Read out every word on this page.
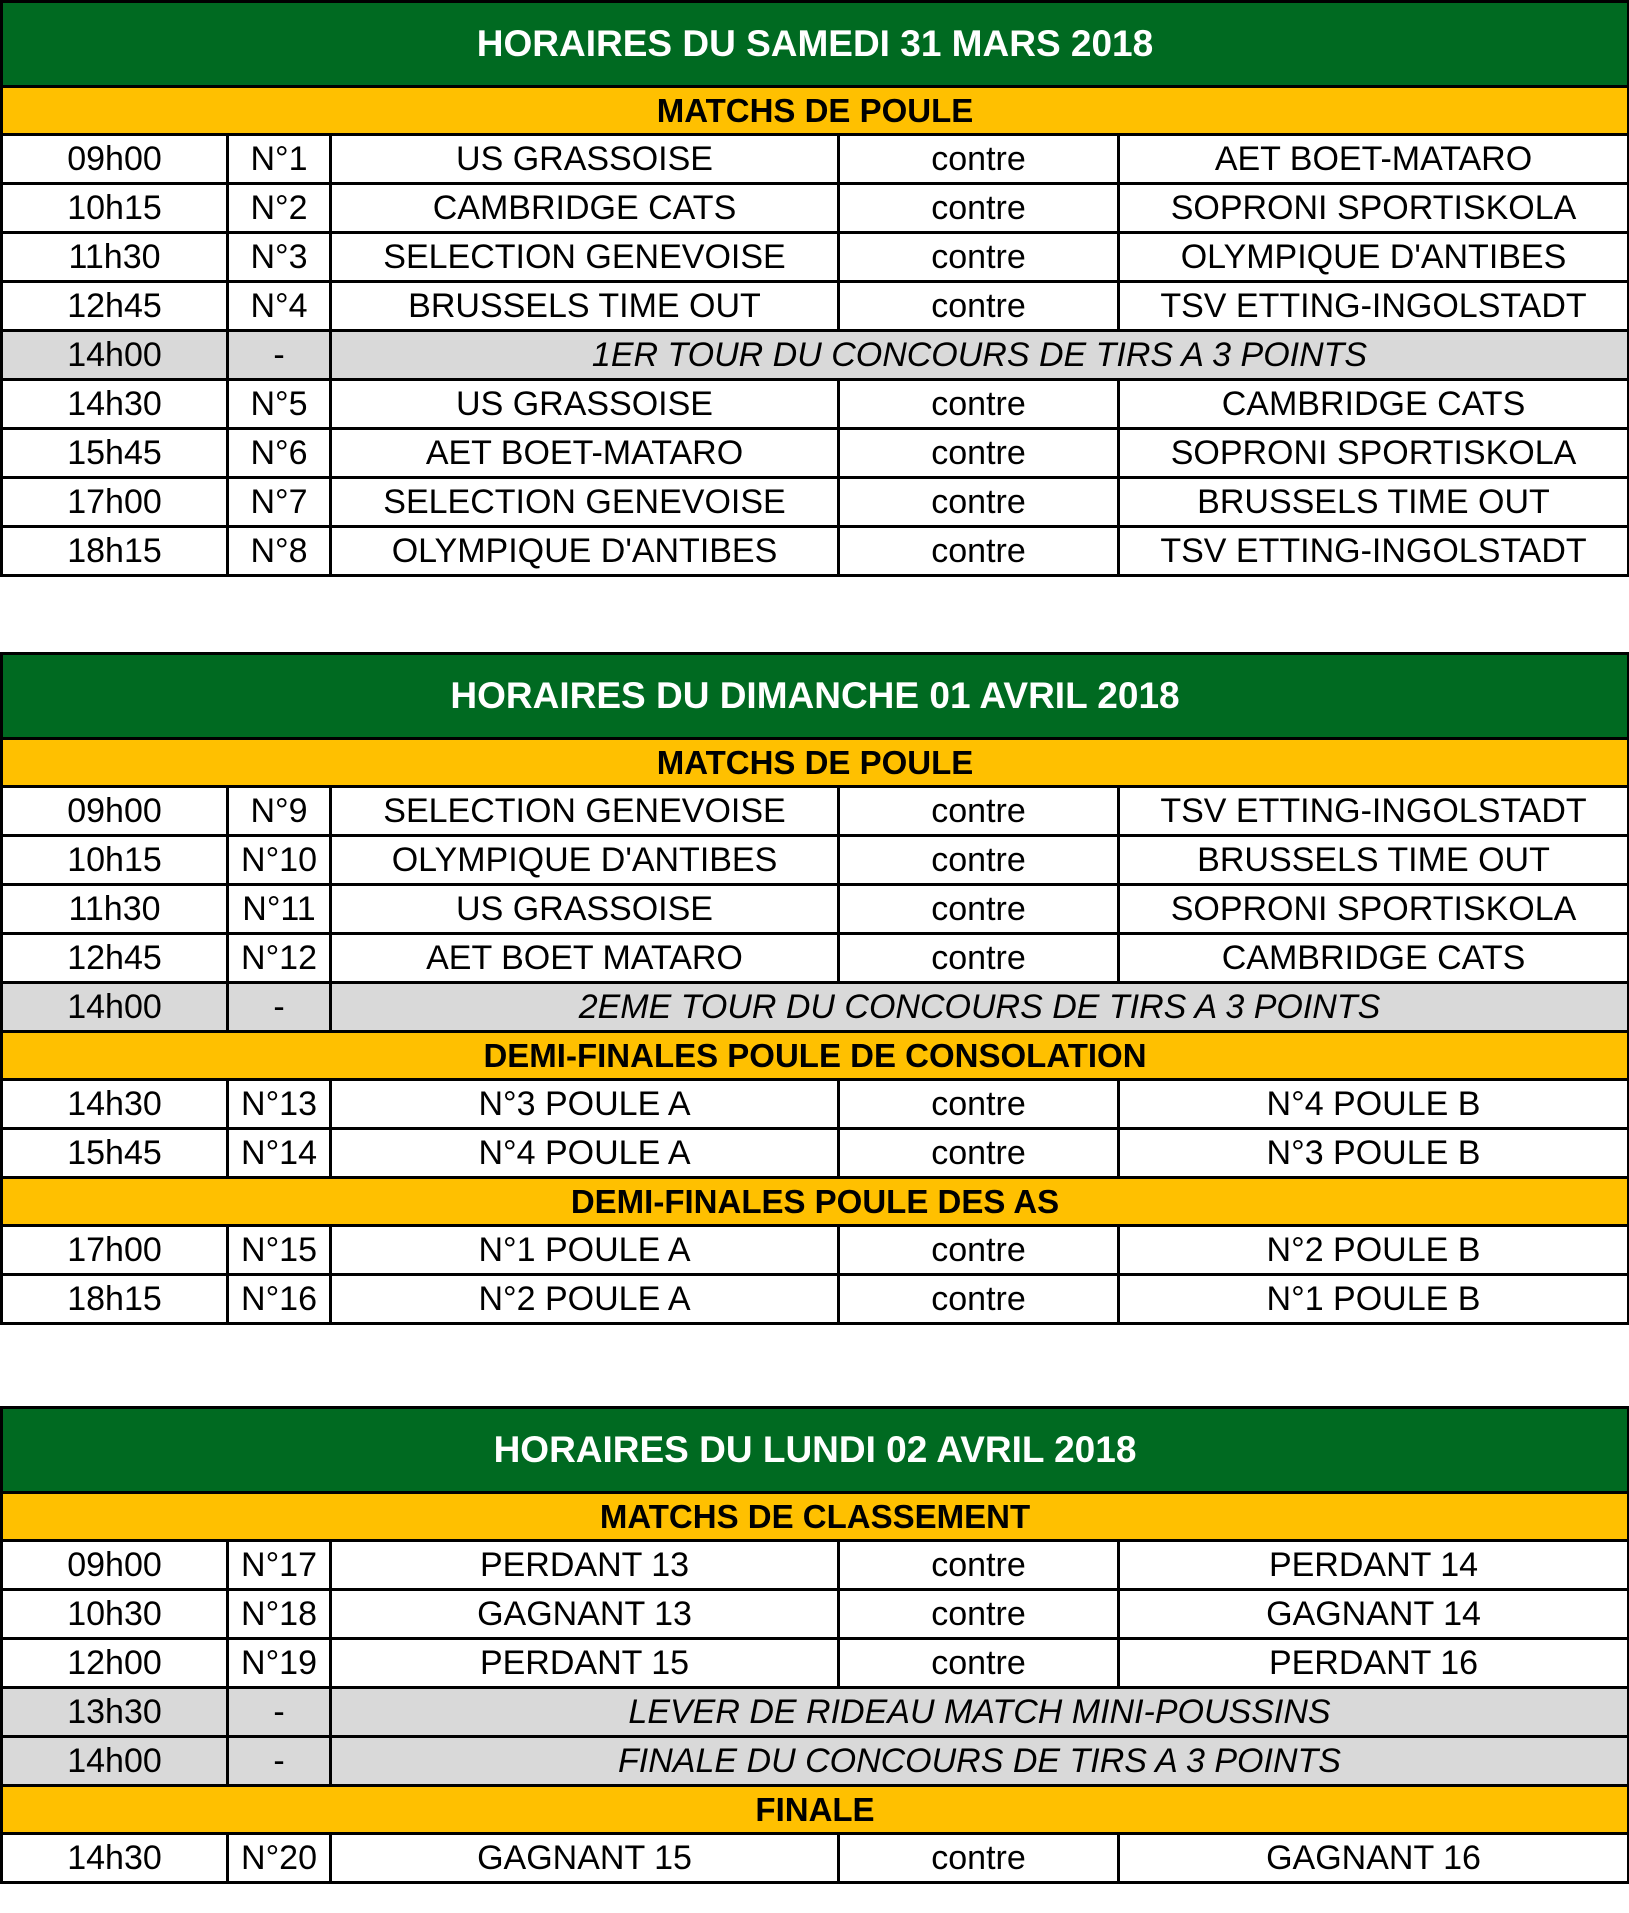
HORAIRES DU SAMEDI 31 MARS 2018				
MATCHS DE POULE				
09h00	N°1	US GRASSOISE	contre	AET BOET-MATARO
10h15	N°2	CAMBRIDGE CATS	contre	SOPRONI SPORTISKOLA
11h30	N°3	SELECTION GENEVOISE	contre	OLYMPIQUE D'ANTIBES
12h45	N°4	BRUSSELS TIME OUT	contre	TSV ETTING-INGOLSTADT
14h00	-	1ER TOUR DU CONCOURS DE TIRS A 3 POINTS		
14h30	N°5	US GRASSOISE	contre	CAMBRIDGE CATS
15h45	N°6	AET BOET-MATARO	contre	SOPRONI SPORTISKOLA
17h00	N°7	SELECTION GENEVOISE	contre	BRUSSELS TIME OUT
18h15	N°8	OLYMPIQUE D'ANTIBES	contre	TSV ETTING-INGOLSTADT
HORAIRES DU DIMANCHE 01 AVRIL 2018				
MATCHS DE POULE				
09h00	N°9	SELECTION GENEVOISE	contre	TSV ETTING-INGOLSTADT
10h15	N°10	OLYMPIQUE D'ANTIBES	contre	BRUSSELS TIME OUT
11h30	N°11	US GRASSOISE	contre	SOPRONI SPORTISKOLA
12h45	N°12	AET BOET MATARO	contre	CAMBRIDGE CATS
14h00	-	2EME TOUR DU CONCOURS DE TIRS A 3 POINTS		
DEMI-FINALES POULE DE CONSOLATION				
14h30	N°13	N°3 POULE A	contre	N°4 POULE B
15h45	N°14	N°4 POULE A	contre	N°3 POULE B
DEMI-FINALES POULE DES AS				
17h00	N°15	N°1 POULE A	contre	N°2 POULE B
18h15	N°16	N°2 POULE A	contre	N°1 POULE B
HORAIRES DU LUNDI 02 AVRIL 2018				
MATCHS DE CLASSEMENT				
09h00	N°17	PERDANT 13	contre	PERDANT 14
10h30	N°18	GAGNANT 13	contre	GAGNANT 14
12h00	N°19	PERDANT 15	contre	PERDANT 16
13h30	-	LEVER DE RIDEAU MATCH MINI-POUSSINS		
14h00	-	FINALE DU CONCOURS DE TIRS A 3 POINTS		
FINALE				
14h30	N°20	GAGNANT 15	contre	GAGNANT 16
